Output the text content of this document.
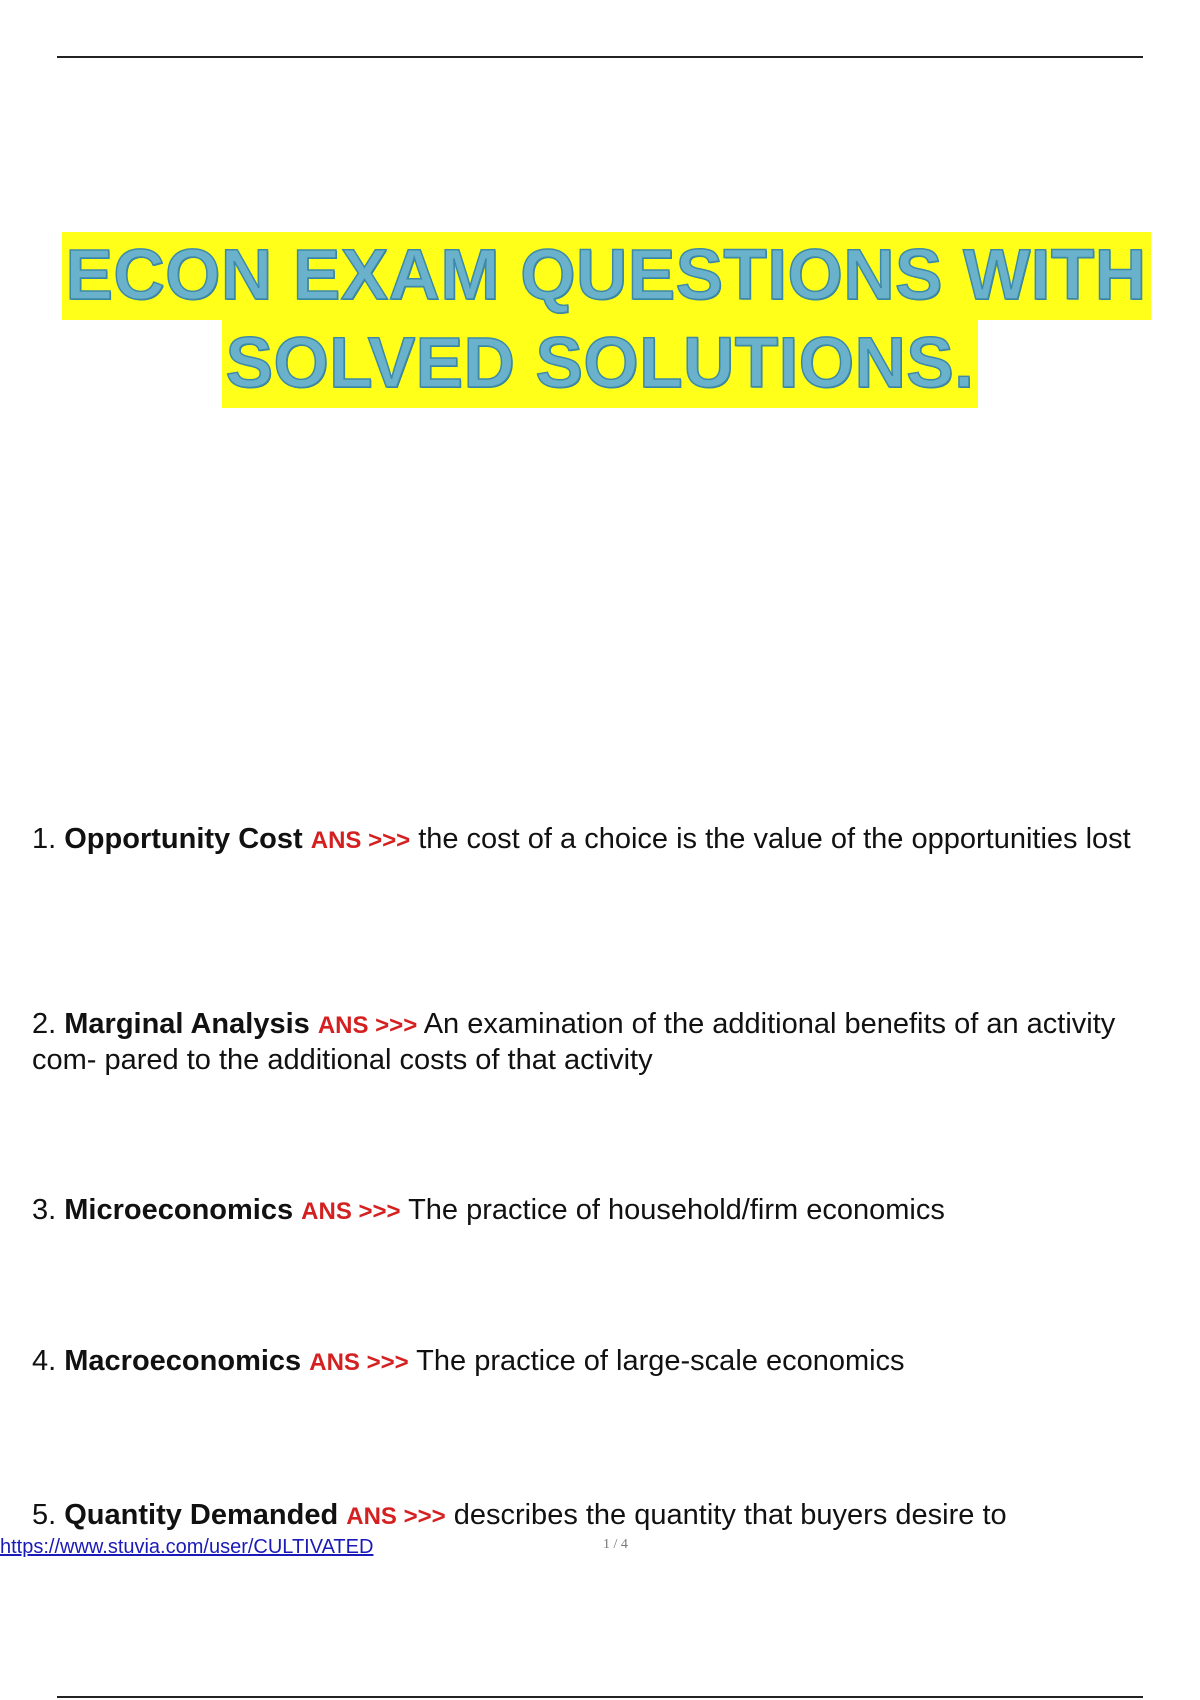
ECON EXAM QUESTIONS WITH
SOLVED SOLUTIONS.
1. Opportunity Cost ANS >>> the cost of a choice is the value of the opportunities lost
2. Marginal Analysis ANS >>> An examination of the additional benefits of an activity com- pared to the additional costs of that activity
3. Microeconomics ANS >>> The practice of household/firm economics
4. Macroeconomics ANS >>> The practice of large-scale economics
5. Quantity Demanded ANS >>> describes the quantity that buyers desire to
https://www.stuvia.com/user/CULTIVATED	1 / 4
